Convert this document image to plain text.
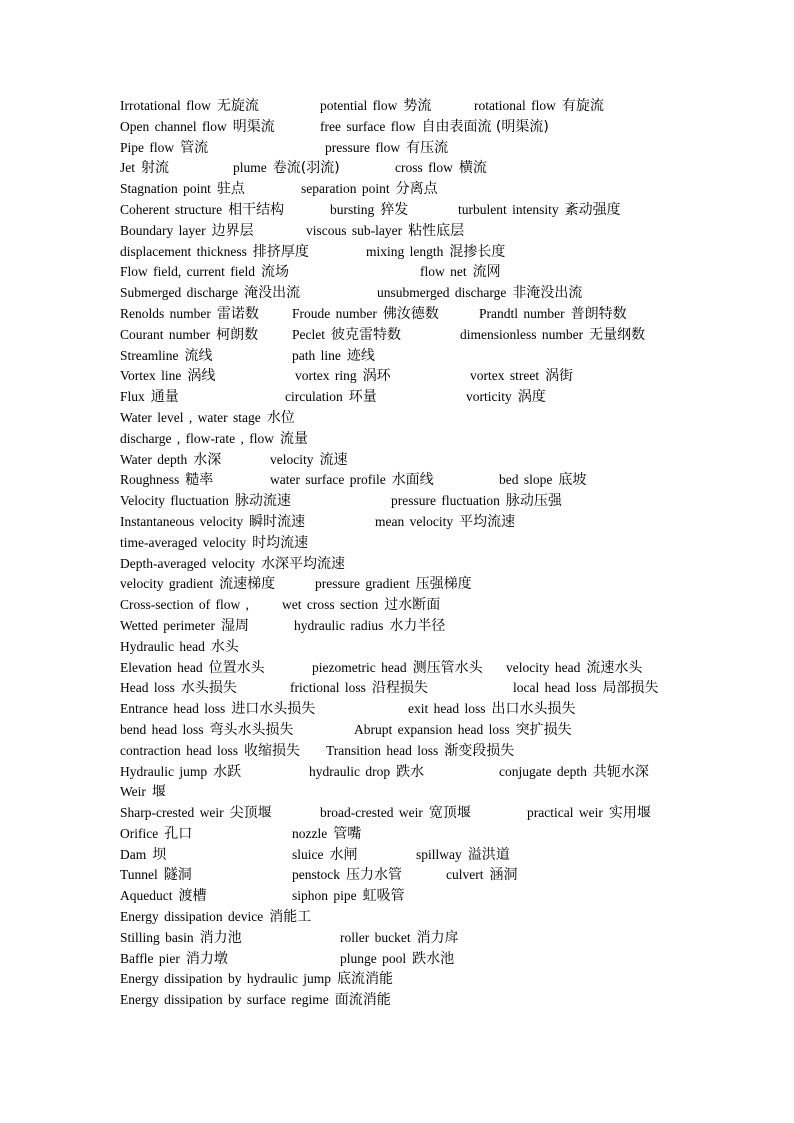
Irrotational flow 无旋流	potential flow 势流	rotational flow 有旋流
Open channel flow 明渠流	free surface flow 自由表面流 (明渠流)
Pipe flow 管流	pressure flow 有压流
Jet 射流	plume 卷流(羽流)	cross flow 横流
Stagnation point 驻点	separation point 分离点
Coherent structure 相干结构	bursting 猝发	turbulent intensity 紊动强度
Boundary layer 边界层	viscous sub-layer 粘性底层
displacement thickness 排挤厚度	mixing length 混掺长度
Flow field, current field 流场	flow net 流网
Submerged discharge 淹没出流	unsubmerged discharge 非淹没出流
Renolds number 雷诺数 Froude number 佛汝德数	Prandtl number 普朗特数
Courant number 柯朗数	Peclet 彼克雷特数	dimensionless number 无量纲数
Streamline 流线	path line 迹线
Vortex line 涡线	vortex ring 涡环	vortex street 涡街
Flux 通量	circulation 环量	vorticity 涡度
Water level , water stage 水位
discharge , flow-rate , flow 流量
Water depth 水深	velocity 流速
Roughness 糙率	water surface profile 水面线	bed slope 底坡
Velocity fluctuation 脉动流速	pressure fluctuation 脉动压强
Instantaneous velocity 瞬时流速	mean velocity 平均流速
time-averaged velocity 时均流速
Depth-averaged velocity 水深平均流速
velocity gradient 流速梯度	pressure gradient 压强梯度
Cross-section of flow , wet cross section 过水断面
Wetted perimeter 湿周	hydraulic radius 水力半径
Hydraulic head 水头
Elevation head 位置水头	piezometric head 测压管水头 velocity head 流速水头
Head loss 水头损失	frictional loss 沿程损失	local head loss 局部损失
Entrance head loss 进口水头损失	exit head loss 出口水头损失
bend head loss 弯头水头损失	Abrupt expansion head loss 突扩损失
contraction head loss 收缩损失 Transition head loss 渐变段损失
Hydraulic jump 水跃	hydraulic drop 跌水	conjugate depth 共轭水深
Weir 堰
Sharp-crested weir 尖顶堰	broad-crested weir 宽顶堰	practical weir 实用堰
Orifice 孔口	nozzle 管嘴
Dam 坝	sluice 水闸	spillway 溢洪道
Tunnel 隧洞	penstock 压力水管	culvert 涵洞
Aqueduct 渡槽	siphon pipe 虹吸管
Energy dissipation device 消能工
Stilling basin 消力池	roller bucket 消力戽
Baffle pier 消力墩	plunge pool 跌水池
Energy dissipation by hydraulic jump 底流消能
Energy dissipation by surface regime 面流消能
